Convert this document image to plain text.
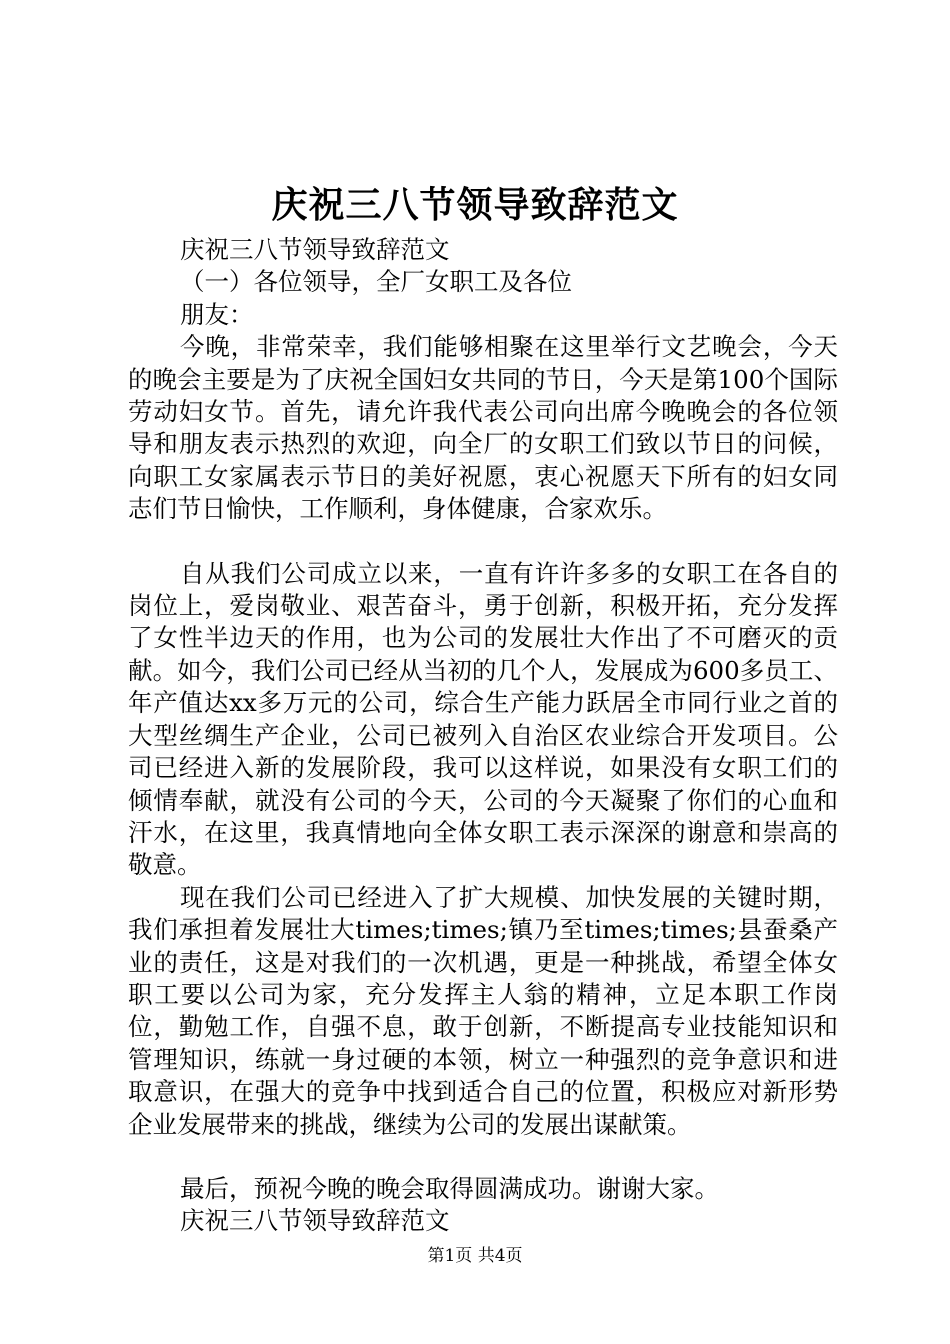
庆祝三八节领导致辞范文

庆祝三八节领导致辞范文

（一）各位领导，全厂女职工及各位

朋友：

今晚，非常荣幸，我们能够相聚在这里举行文艺晚会，今天的晚会主要是为了庆祝全国妇女共同的节日，今天是第100个国际劳动妇女节。首先，请允许我代表公司向出席今晚晚会的各位领导和朋友表示热烈的欢迎，向全厂的女职工们致以节日的问候，向职工女家属表示节日的美好祝愿，衷心祝愿天下所有的妇女同志们节日愉快，工作顺利，身体健康，合家欢乐。

自从我们公司成立以来，一直有许许多多的女职工在各自的岗位上，爱岗敬业、艰苦奋斗，勇于创新，积极开拓，充分发挥了女性半边天的作用，也为公司的发展壮大作出了不可磨灭的贡献。如今，我们公司已经从当初的几个人，发展成为600多员工、年产值达xx多万元的公司，综合生产能力跃居全市同行业之首的大型丝绸生产企业，公司已被列入自治区农业综合开发项目。公司已经进入新的发展阶段，我可以这样说，如果没有女职工们的倾情奉献，就没有公司的今天，公司的今天凝聚了你们的心血和汗水，在这里，我真情地向全体女职工表示深深的谢意和崇高的敬意。

现在我们公司已经进入了扩大规模、加快发展的关键时期，我们承担着发展壮大times;times;镇乃至times;times;县蚕桑产业的责任，这是对我们的一次机遇，更是一种挑战，希望全体女职工要以公司为家，充分发挥主人翁的精神，立足本职工作岗位，勤勉工作，自强不息，敢于创新，不断提高专业技能知识和管理知识，练就一身过硬的本领，树立一种强烈的竞争意识和进取意识，在强大的竞争中找到适合自己的位置，积极应对新形势企业发展带来的挑战，继续为公司的发展出谋献策。

最后，预祝今晚的晚会取得圆满成功。谢谢大家。

庆祝三八节领导致辞范文

第1页 共4页
